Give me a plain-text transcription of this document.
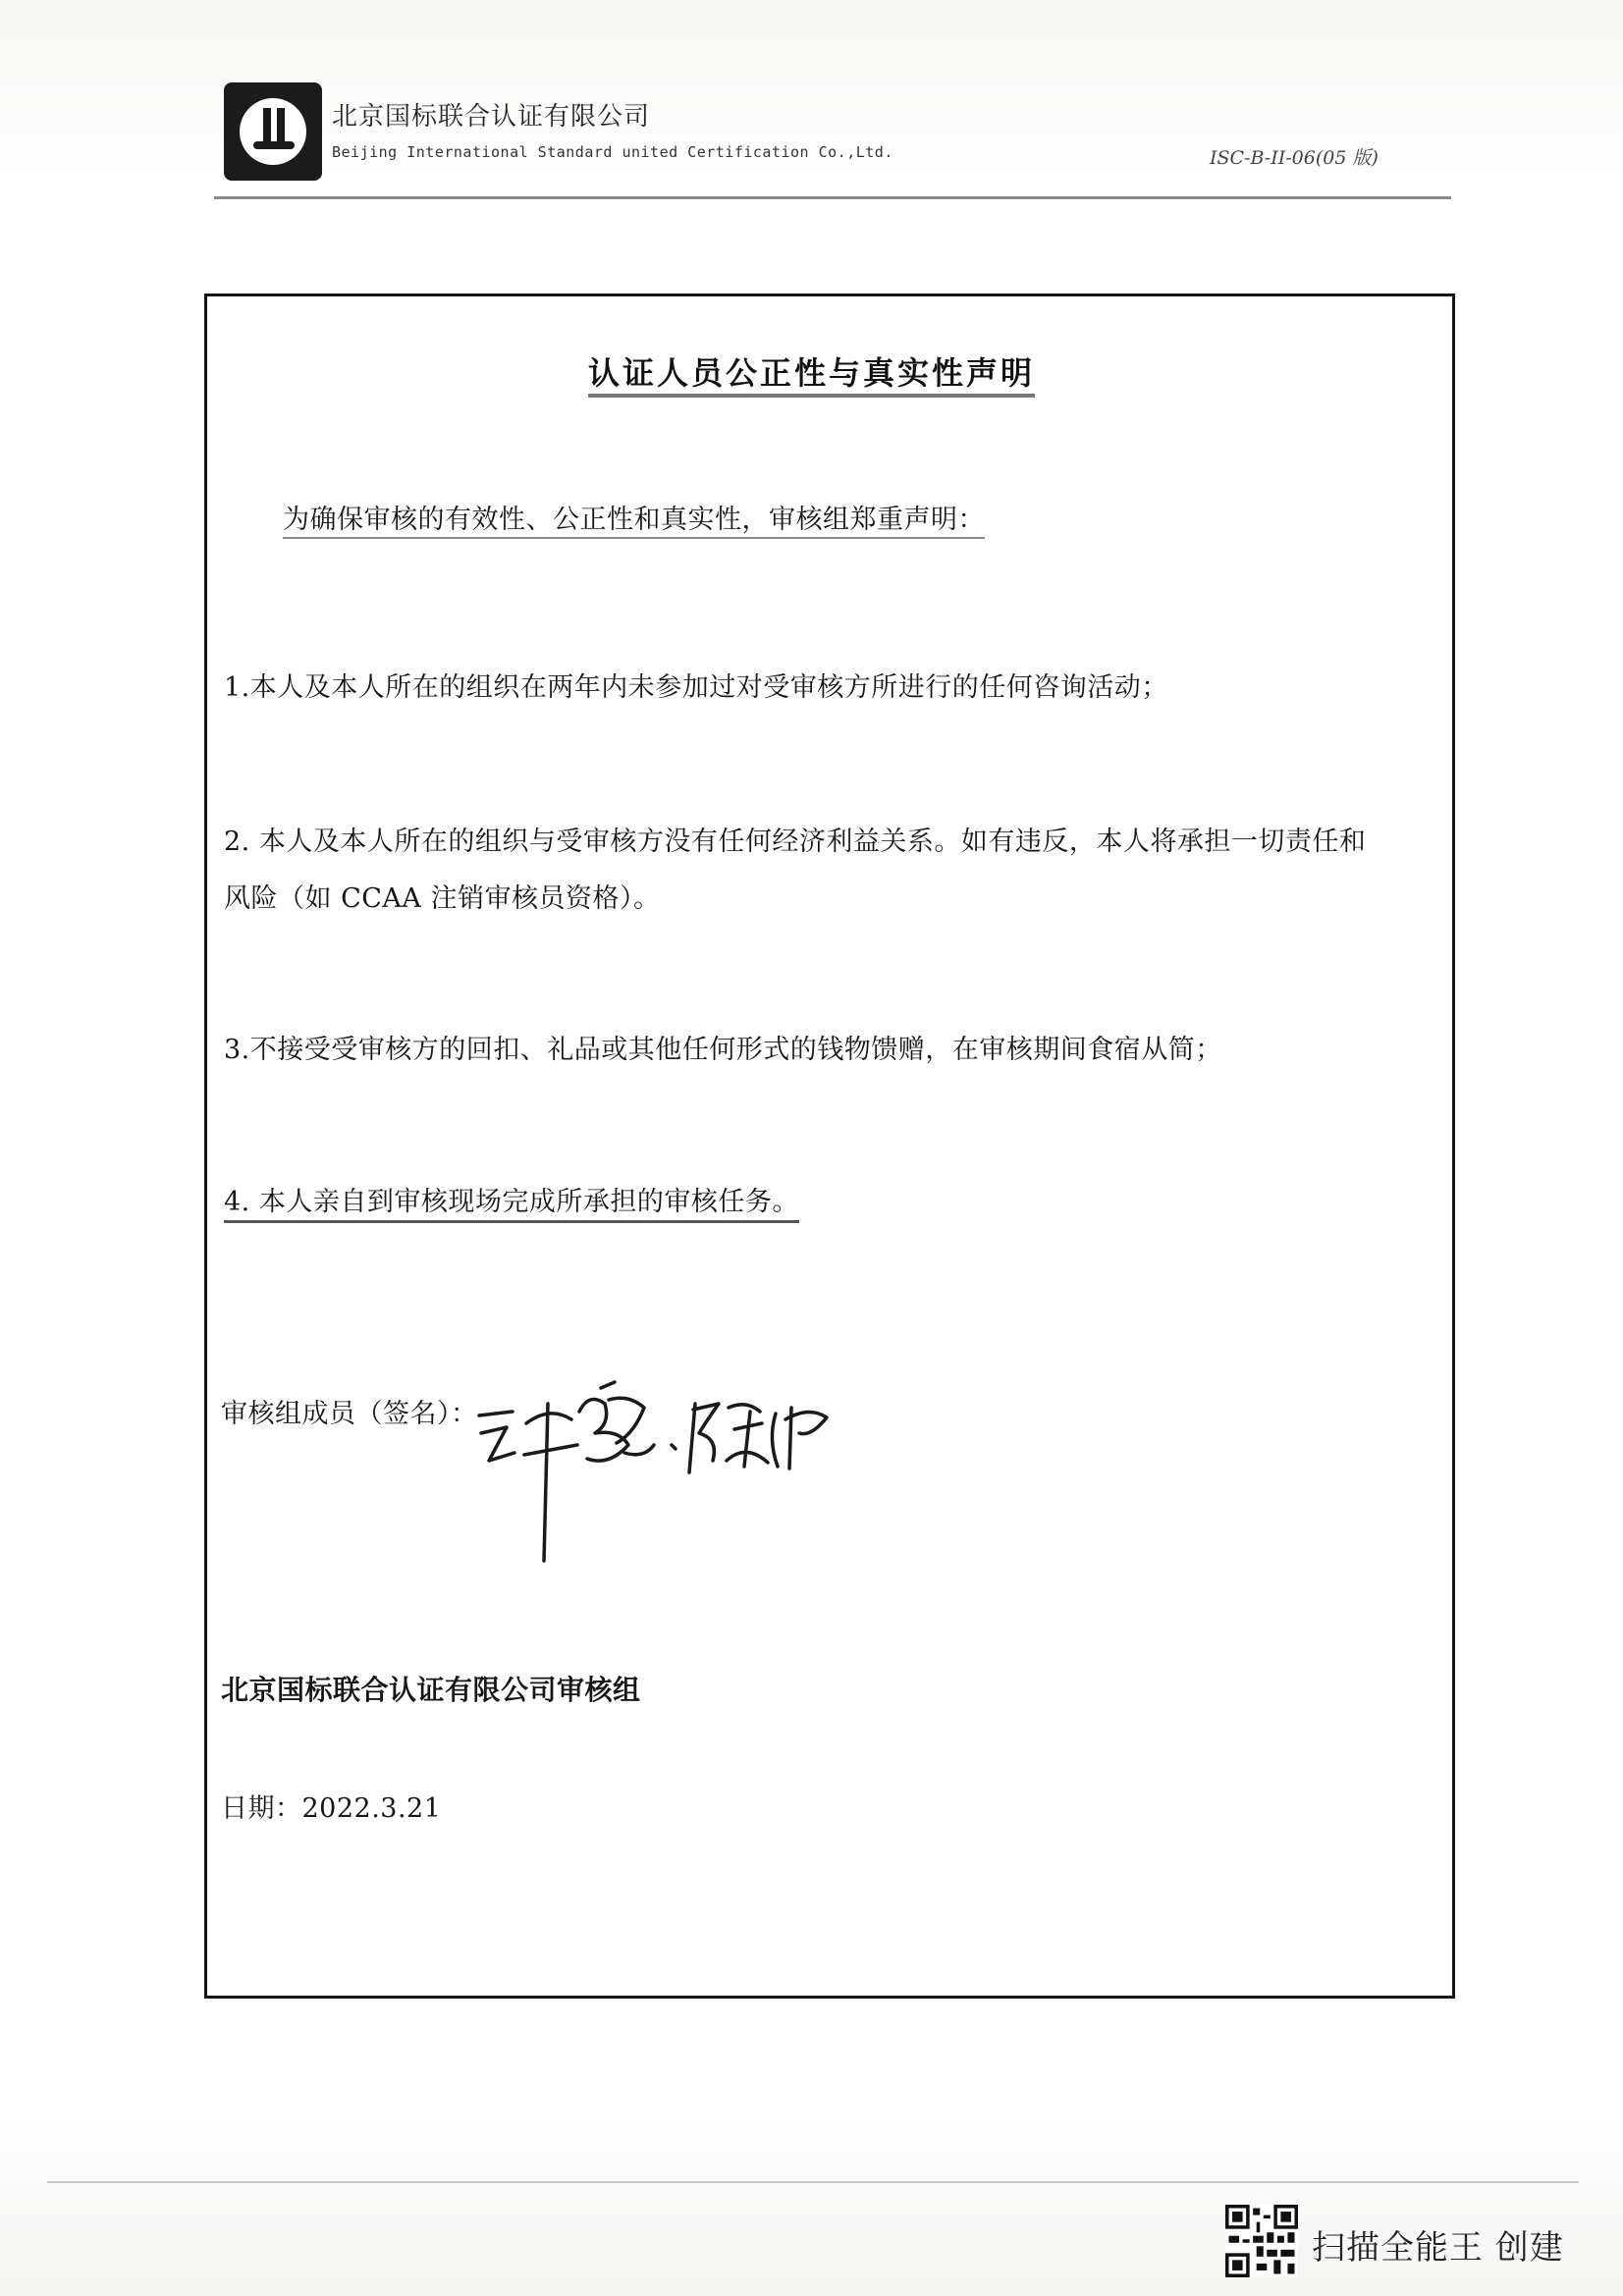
北京国标联合认证有限公司
Beijing International Standard united Certification Co.,Ltd.	ISC-B-II-06(05 版)
认证人员公正性与真实性声明
为确保审核的有效性、公正性和真实性，审核组郑重声明：
1.本人及本人所在的组织在两年内未参加过对受审核方所进行的任何咨询活动；
2. 本人及本人所在的组织与受审核方没有任何经济利益关系。如有违反，本人将承担一切责任和
风险（如 CCAA 注销审核员资格）。
3.不接受受审核方的回扣、礼品或其他任何形式的钱物馈赠，在审核期间食宿从简；
4. 本人亲自到审核现场完成所承担的审核任务。
审核组成员（签名）：
北京国标联合认证有限公司审核组
日期：2022.3.21
扫描全能王 创建
